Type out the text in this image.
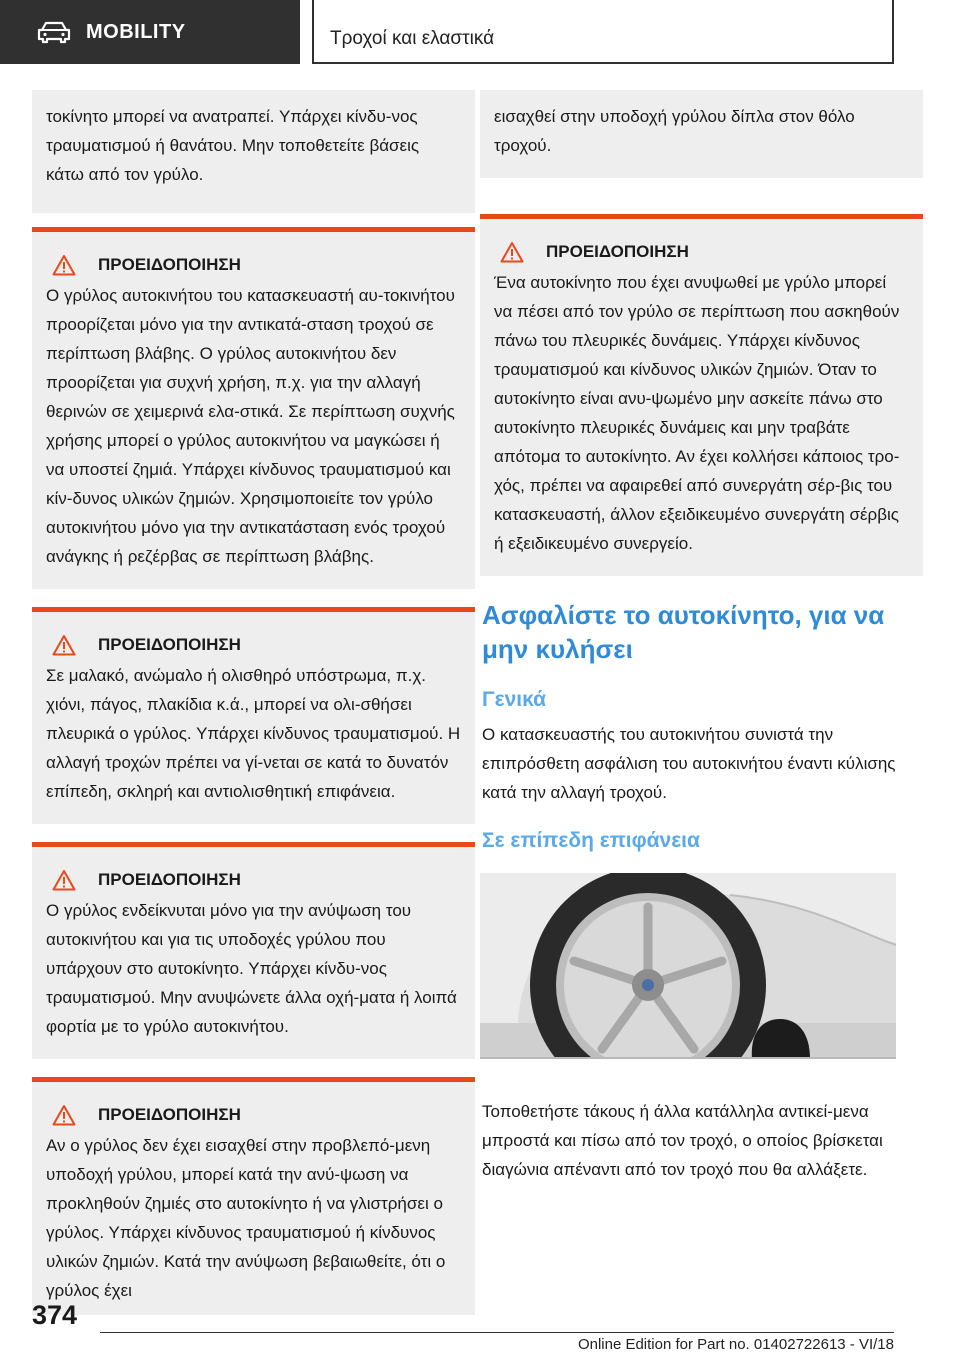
MOBILITY	Τροχοί και ελαστικά

τοκίνητο μπορεί να ανατραπεί. Υπάρχει κίνδυ-νος τραυματισμού ή θανάτου. Μην τοποθετείτε βάσεις κάτω από τον γρύλο.

ΠΡΟΕΙΔΟΠΟΙΗΣΗ

Ο γρύλος αυτοκινήτου του κατασκευαστή αυ-τοκινήτου προορίζεται μόνο για την αντικατά-σταση τροχού σε περίπτωση βλάβης. Ο γρύλος αυτοκινήτου δεν προορίζεται για συχνή χρήση, π.χ. για την αλλαγή θερινών σε χειμερινά ελα-στικά. Σε περίπτωση συχνής χρήσης μπορεί ο γρύλος αυτοκινήτου να μαγκώσει ή να υποστεί ζημιά. Υπάρχει κίνδυνος τραυματισμού και κίν-δυνος υλικών ζημιών. Χρησιμοποιείτε τον γρύλο αυτοκινήτου μόνο για την αντικατάσταση ενός τροχού ανάγκης ή ρεζέρβας σε περίπτωση βλάβης.

ΠΡΟΕΙΔΟΠΟΙΗΣΗ

Σε μαλακό, ανώμαλο ή ολισθηρό υπόστρωμα, π.χ. χιόνι, πάγος, πλακίδια κ.ά., μπορεί να ολι-σθήσει πλευρικά ο γρύλος. Υπάρχει κίνδυνος τραυματισμού. Η αλλαγή τροχών πρέπει να γί-νεται σε κατά το δυνατόν επίπεδη, σκληρή και αντιολισθητική επιφάνεια.

ΠΡΟΕΙΔΟΠΟΙΗΣΗ

Ο γρύλος ενδείκνυται μόνο για την ανύψωση του αυτοκινήτου και για τις υποδοχές γρύλου που υπάρχουν στο αυτοκίνητο. Υπάρχει κίνδυ-νος τραυματισμού. Μην ανυψώνετε άλλα οχή-ματα ή λοιπά φορτία με το γρύλο αυτοκινήτου.

ΠΡΟΕΙΔΟΠΟΙΗΣΗ

Αν ο γρύλος δεν έχει εισαχθεί στην προβλεπό-μενη υποδοχή γρύλου, μπορεί κατά την ανύ-ψωση να προκληθούν ζημιές στο αυτοκίνητο ή να γλιστρήσει ο γρύλος. Υπάρχει κίνδυνος τραυματισμού ή κίνδυνος υλικών ζημιών. Κατά την ανύψωση βεβαιωθείτε, ότι ο γρύλος έχει

εισαχθεί στην υποδοχή γρύλου δίπλα στον θόλο τροχού.

ΠΡΟΕΙΔΟΠΟΙΗΣΗ

Ένα αυτοκίνητο που έχει ανυψωθεί με γρύλο μπορεί να πέσει από τον γρύλο σε περίπτωση που ασκηθούν πάνω του πλευρικές δυνάμεις. Υπάρχει κίνδυνος τραυματισμού και κίνδυνος υλικών ζημιών. Όταν το αυτοκίνητο είναι ανυ-ψωμένο μην ασκείτε πάνω στο αυτοκίνητο πλευρικές δυνάμεις και μην τραβάτε απότομα το αυτοκίνητο. Αν έχει κολλήσει κάποιος τρο-χός, πρέπει να αφαιρεθεί από συνεργάτη σέρ-βις του κατασκευαστή, άλλον εξειδικευμένο συνεργάτη σέρβις ή εξειδικευμένο συνεργείο.

Ασφαλίστε το αυτοκίνητο, για να μην κυλήσει
Γενικά

Ο κατασκευαστής του αυτοκινήτου συνιστά την επιπρόσθετη ασφάλιση του αυτοκινήτου έναντι κύλισης κατά την αλλαγή τροχού.

Σε επίπεδη επιφάνεια

Τοποθετήστε τάκους ή άλλα κατάλληλα αντικεί-μενα μπροστά και πίσω από τον τροχό, ο οποίος βρίσκεται διαγώνια απέναντι από τον τροχό που θα αλλάξετε.

374
Online Edition for Part no. 01402722613 - VI/18
